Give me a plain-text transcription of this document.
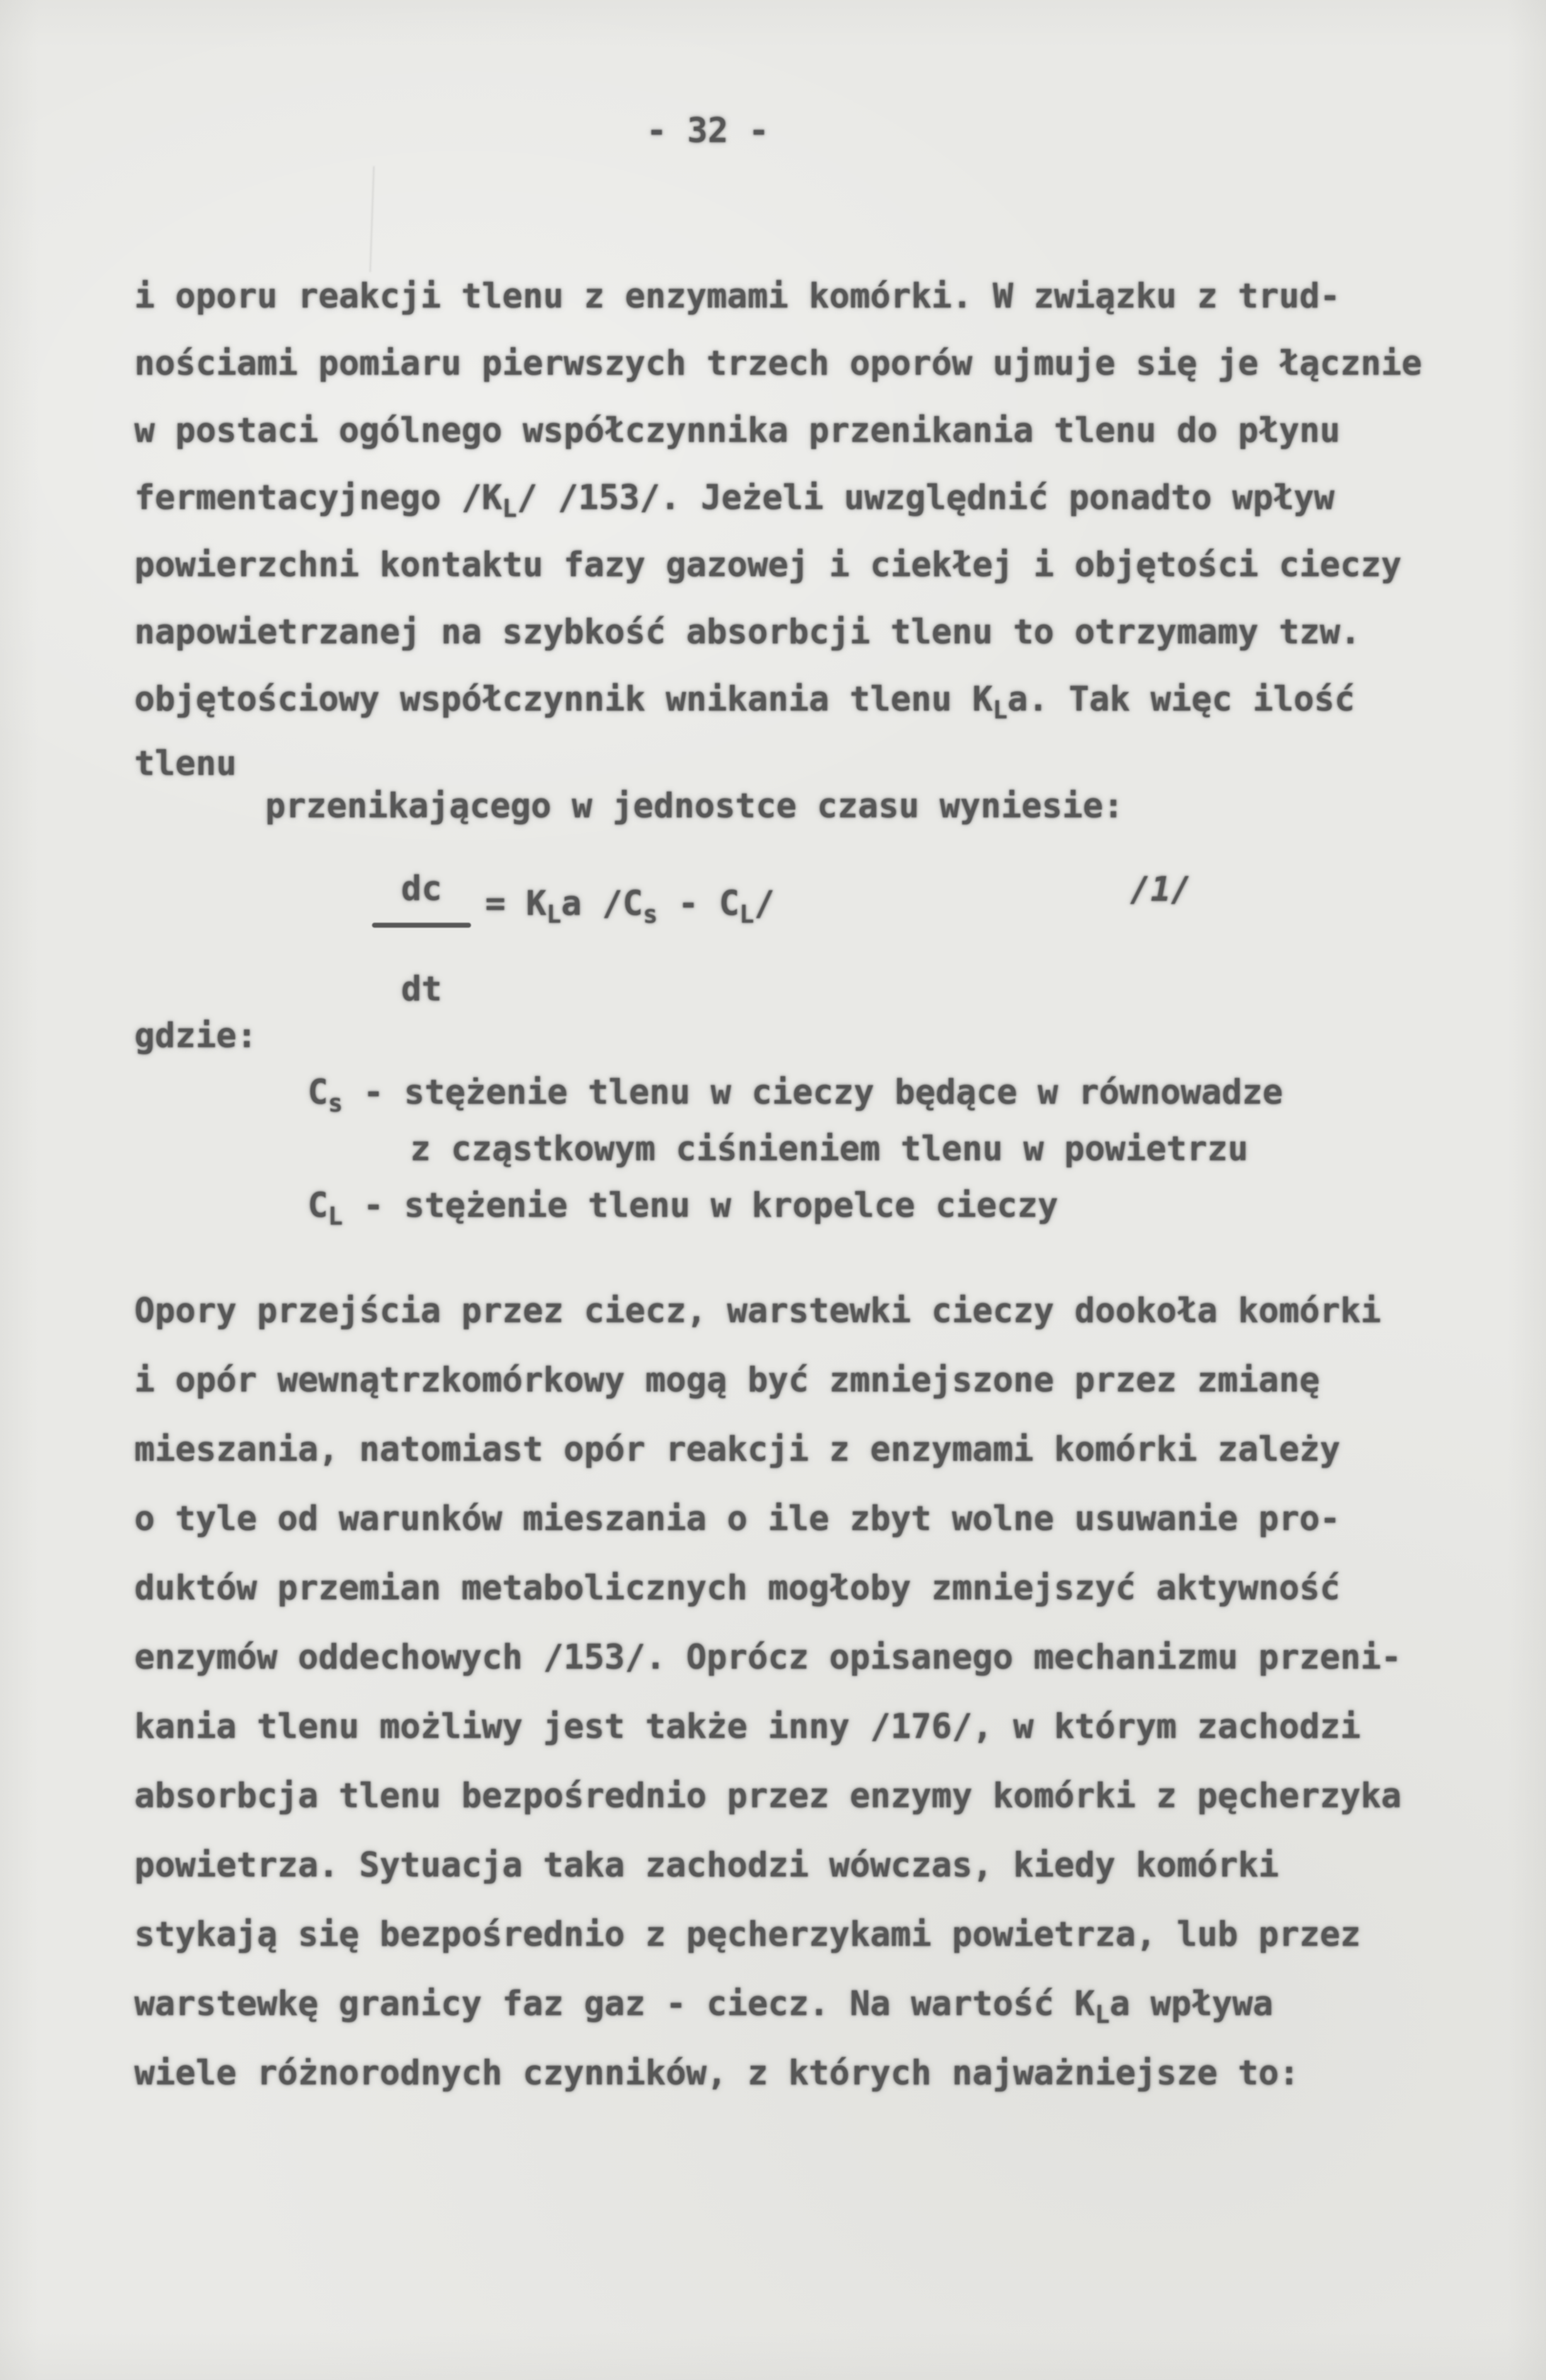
- 32 -
i oporu reakcji tlenu z enzymami komórki. W związku z trud-
nościami pomiaru pierwszych trzech oporów ujmuje się je łącznie
w postaci ogólnego współczynnika przenikania tlenu do płynu
fermentacyjnego $/K_L/$ /153/. Jeżeli uwzględnić ponadto wpływ
powierzchni kontaktu fazy gazowej i ciekłej i objętości cieczy
napowietrzanej na szybkość absorbcji tlenu to otrzymamy tzw.
objętościowy współczynnik wnikania tlenu $K_La$. Tak więc ilość
tlenu
przenikającego w jednostce czasu wyniesie:
dc
dt
= $K_La$ $/C_s - C_L/$	/1/
gdzie:
$C_s$ - stężenie tlenu w cieczy będące w równowadze
z cząstkowym ciśnieniem tlenu w powietrzu
$C_L$ - stężenie tlenu w kropelce cieczy
Opory przejścia przez ciecz, warstewki cieczy dookoła komórki
i opór wewnątrzkomórkowy mogą być zmniejszone przez zmianę
mieszania, natomiast opór reakcji z enzymami komórki zależy
o tyle od warunków mieszania o ile zbyt wolne usuwanie pro-
duktów przemian metabolicznych mogłoby zmniejszyć aktywność
enzymów oddechowych /153/. Oprócz opisanego mechanizmu przeni-
kania tlenu możliwy jest także inny /176/, w którym zachodzi
absorbcja tlenu bezpośrednio przez enzymy komórki z pęcherzyka
powietrza. Sytuacja taka zachodzi wówczas, kiedy komórki
stykają się bezpośrednio z pęcherzykami powietrza, lub przez
warstewkę granicy faz gaz - ciecz. Na wartość $K_La$ wpływa
wiele różnorodnych czynników, z których najważniejsze to:
